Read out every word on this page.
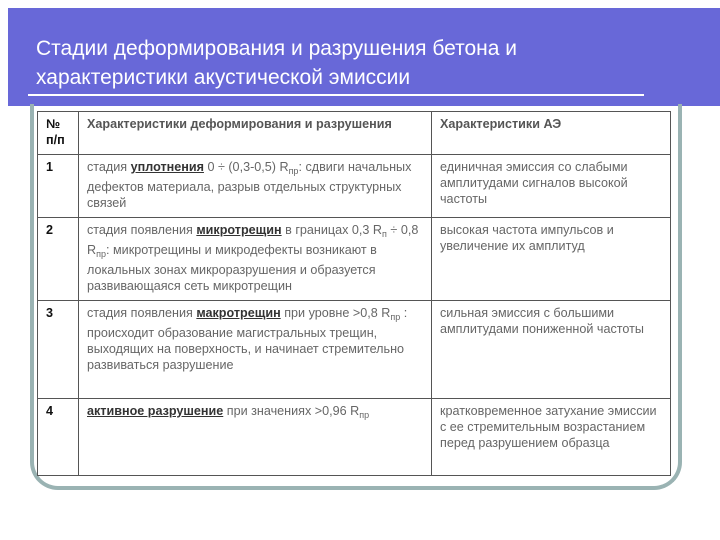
Стадии деформирования и разрушения бетона и
характеристики акустической эмиссии
№ п/п	Характеристики деформирования и разрушения	Характеристики АЭ
1	стадия уплотнения 0 ÷ (0,3-0,5) $R_{пр}$: сдвиги начальных дефектов материала, разрыв отдельных структурных связей	единичная эмиссия со слабыми амплитудами сигналов высокой частоты
2	стадия появления микротрещин в границах 0,3 $R_п \div 0,8$ $R_{пр}$: микротрещины и микродефекты возникают в локальных зонах микроразрушения и образуется развивающаяся сеть микротрещин	высокая частота импульсов и увеличение их амплитуд
3	стадия появления макротрещин при уровне >0,8 $R_{пр}$ : происходит образование магистральных трещин, выходящих на поверхность, и начинает стремительно развиваться разрушение	сильная эмиссия с большими амплитудами пониженной частоты
4	активное разрушение при значениях >0,96 $R_{пр}$	кратковременное затухание эмиссии с ее стремительным возрастанием перед разрушением образца
